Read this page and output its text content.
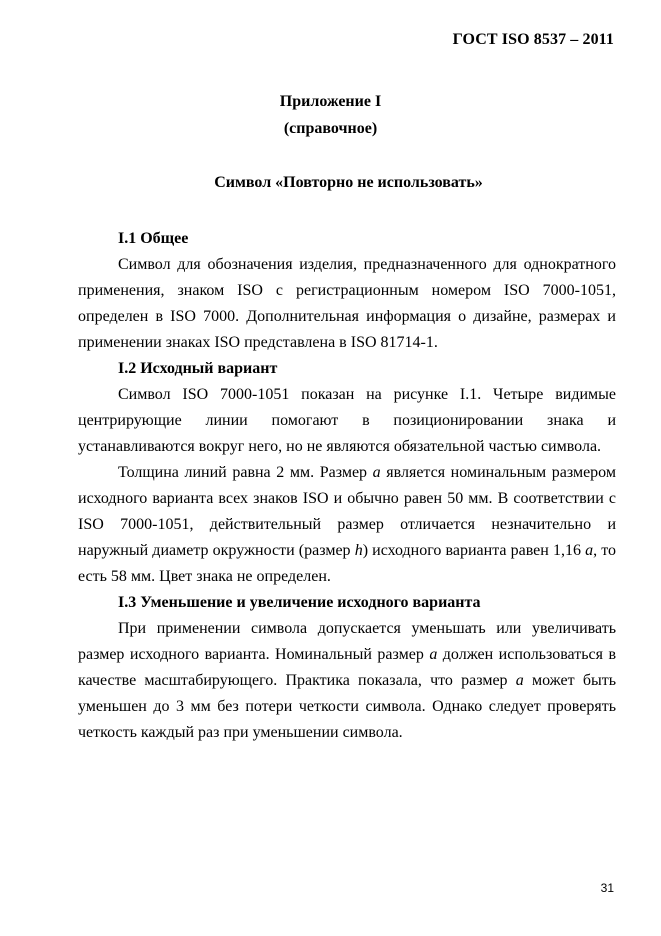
ГОСТ ISO 8537 – 2011
Приложение I
(справочное)
Символ «Повторно не использовать»
I.1 Общее

Символ для обозначения изделия, предназначенного для однократного применения, знаком ISO с регистрационным номером ISO 7000-1051, определен в ISO 7000. Дополнительная информация о дизайне, размерах и применении знаках ISO представлена в ISO 81714-1.

I.2 Исходный вариант

Символ ISO 7000-1051 показан на рисунке I.1. Четыре видимые центрирующие линии помогают в позиционировании знака и устанавливаются вокруг него, но не являются обязательной частью символа.

Толщина линий равна 2 мм. Размер a является номинальным размером исходного варианта всех знаков ISO и обычно равен 50 мм. В соответствии с ISO 7000-1051, действительный размер отличается незначительно и наружный диаметр окружности (размер h) исходного варианта равен 1,16 a, то есть 58 мм. Цвет знака не определен.

I.3 Уменьшение и увеличение исходного варианта

При применении символа допускается уменьшать или увеличивать размер исходного варианта. Номинальный размер a должен использоваться в качестве масштабирующего. Практика показала, что размер a может быть уменьшен до 3 мм без потери четкости символа. Однако следует проверять четкость каждый раз при уменьшении символа.

31
